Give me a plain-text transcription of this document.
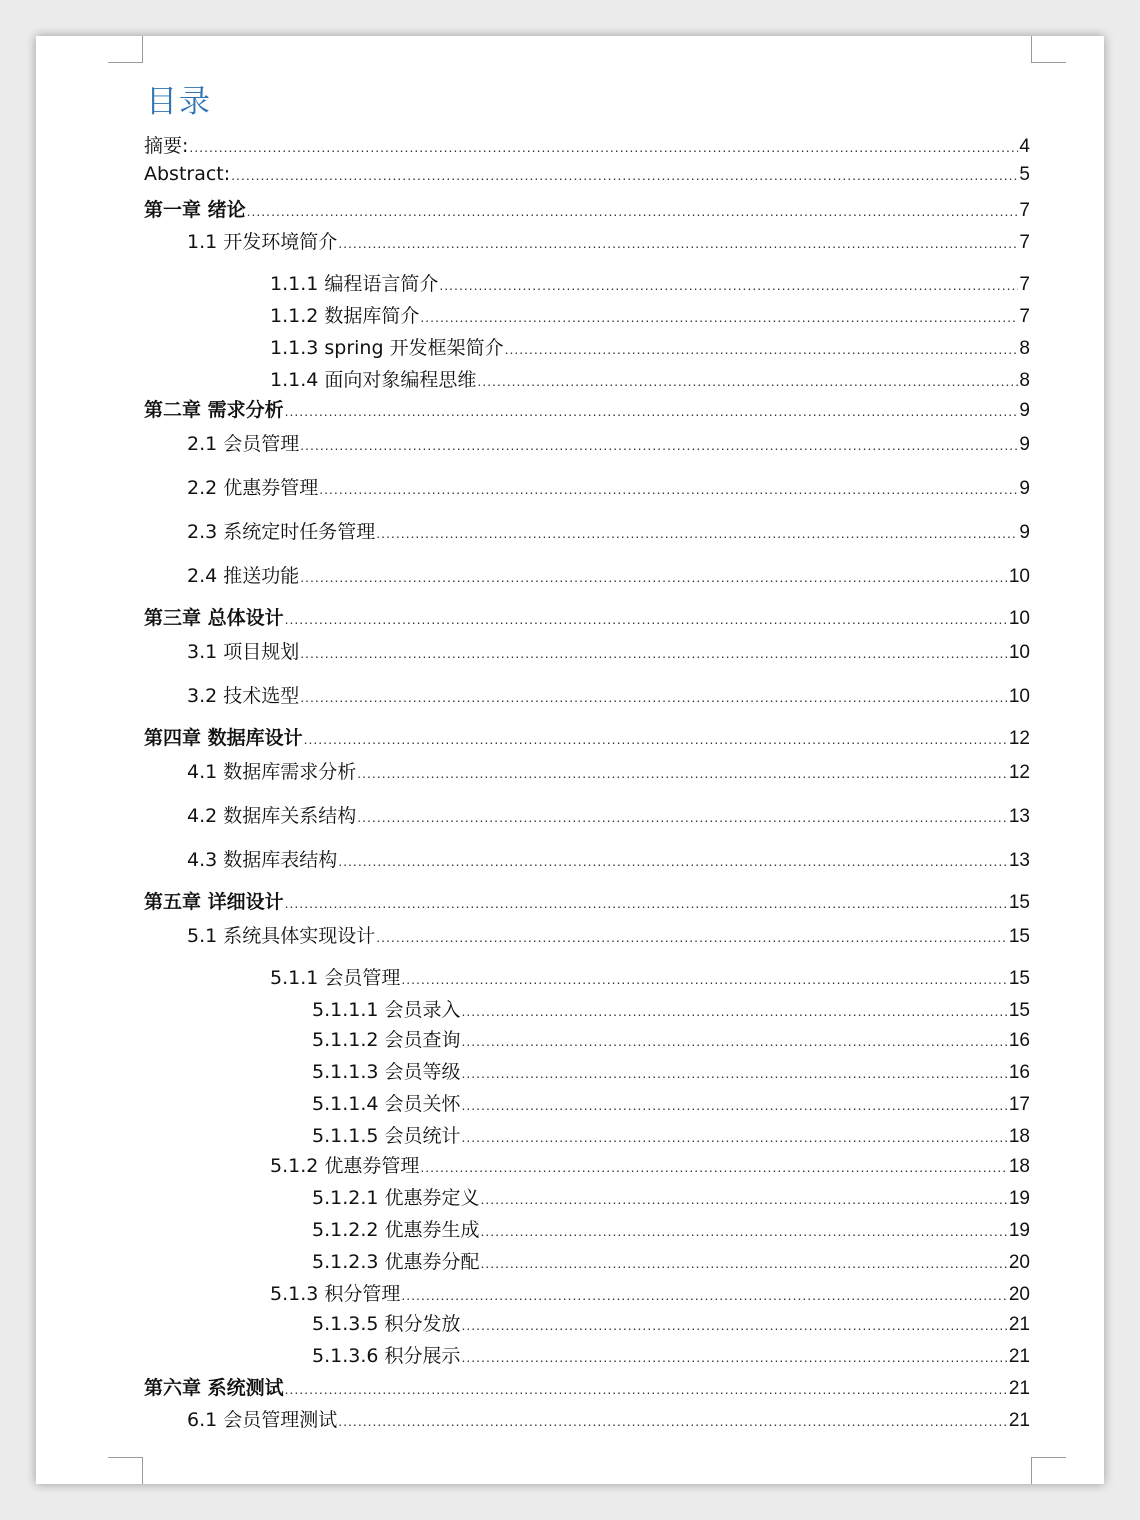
目录
摘要: .....	4
Abstract: .....	5
第一章 绪论 .....	7
1.1 开发环境简介 .....	7
1.1.1 编程语言简介 .....	7
1.1.2 数据库简介 .....	7
1.1.3 spring 开发框架简介 .....	8
1.1.4 面向对象编程思维 .....	8
第二章 需求分析 .....	9
2.1 会员管理 .....	9
2.2 优惠券管理 .....	9
2.3 系统定时任务管理 .....	9
2.4 推送功能 .....	10
第三章 总体设计 .....	10
3.1 项目规划 .....	10
3.2 技术选型 .....	10
第四章 数据库设计 .....	12
4.1 数据库需求分析 .....	12
4.2 数据库关系结构 .....	13
4.3 数据库表结构 .....	13
第五章 详细设计 .....	15
5.1 系统具体实现设计 .....	15
5.1.1 会员管理 .....	15
5.1.1.1 会员录入 .....	15
5.1.1.2 会员查询 .....	16
5.1.1.3 会员等级 .....	16
5.1.1.4 会员关怀 .....	17
5.1.1.5 会员统计 .....	18
5.1.2 优惠券管理 .....	18
5.1.2.1 优惠券定义 .....	19
5.1.2.2 优惠券生成 .....	19
5.1.2.3 优惠券分配 .....	20
5.1.3 积分管理 .....	20
5.1.3.5 积分发放 .....	21
5.1.3.6 积分展示 .....	21
第六章 系统测试 .....	21
6.1 会员管理测试 .....	21
